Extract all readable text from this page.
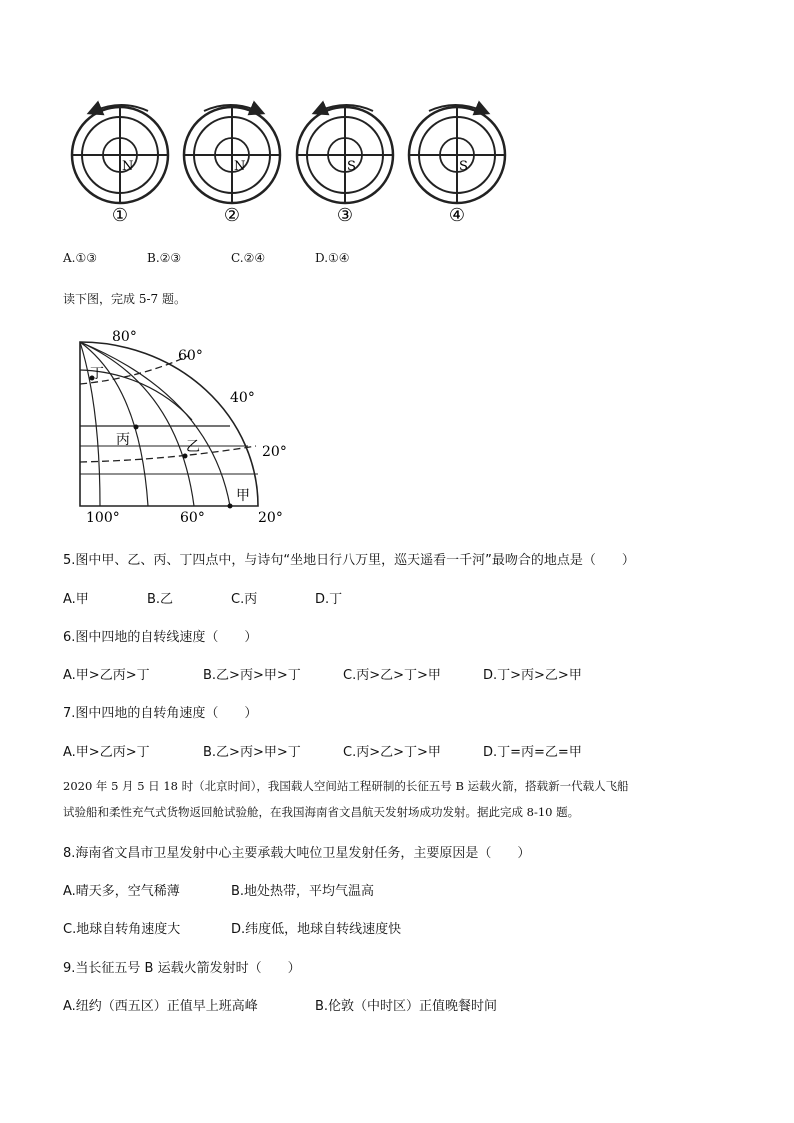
N
①
N
②
S
③
S
④
A.①③	B.②③	C.②④	D.①④
读下图，完成 5-7 题。
80°
60°
40°
20°
100°	60°	20°
丁
丙	乙
甲
5.图中甲、乙、丙、丁四点中，与诗句“坐地日行八万里，巡天遥看一千河”最吻合的地点是（　　）
A.甲	B.乙	C.丙	D.丁
6.图中四地的自转线速度（　　）
A.甲>乙丙>丁	B.乙>丙>甲>丁	C.丙>乙>丁>甲	D.丁>丙>乙>甲
7.图中四地的自转角速度（　　）
A.甲>乙丙>丁	B.乙>丙>甲>丁	C.丙>乙>丁>甲	D.丁=丙=乙=甲
2020 年 5 月 5 日 18 时（北京时间），我国载人空间站工程研制的长征五号 B 运载火箭，搭载新一代载人飞船
试验船和柔性充气式货物返回舱试验舱，在我国海南省文昌航天发射场成功发射。据此完成 8-10 题。
8.海南省文昌市卫星发射中心主要承载大吨位卫星发射任务，主要原因是（　　）
A.晴天多，空气稀薄	B.地处热带，平均气温高
C.地球自转角速度大	D.纬度低，地球自转线速度快
9.当长征五号 B 运载火箭发射时（　　）
A.纽约（西五区）正值早上班高峰	B.伦敦（中时区）正值晚餐时间
